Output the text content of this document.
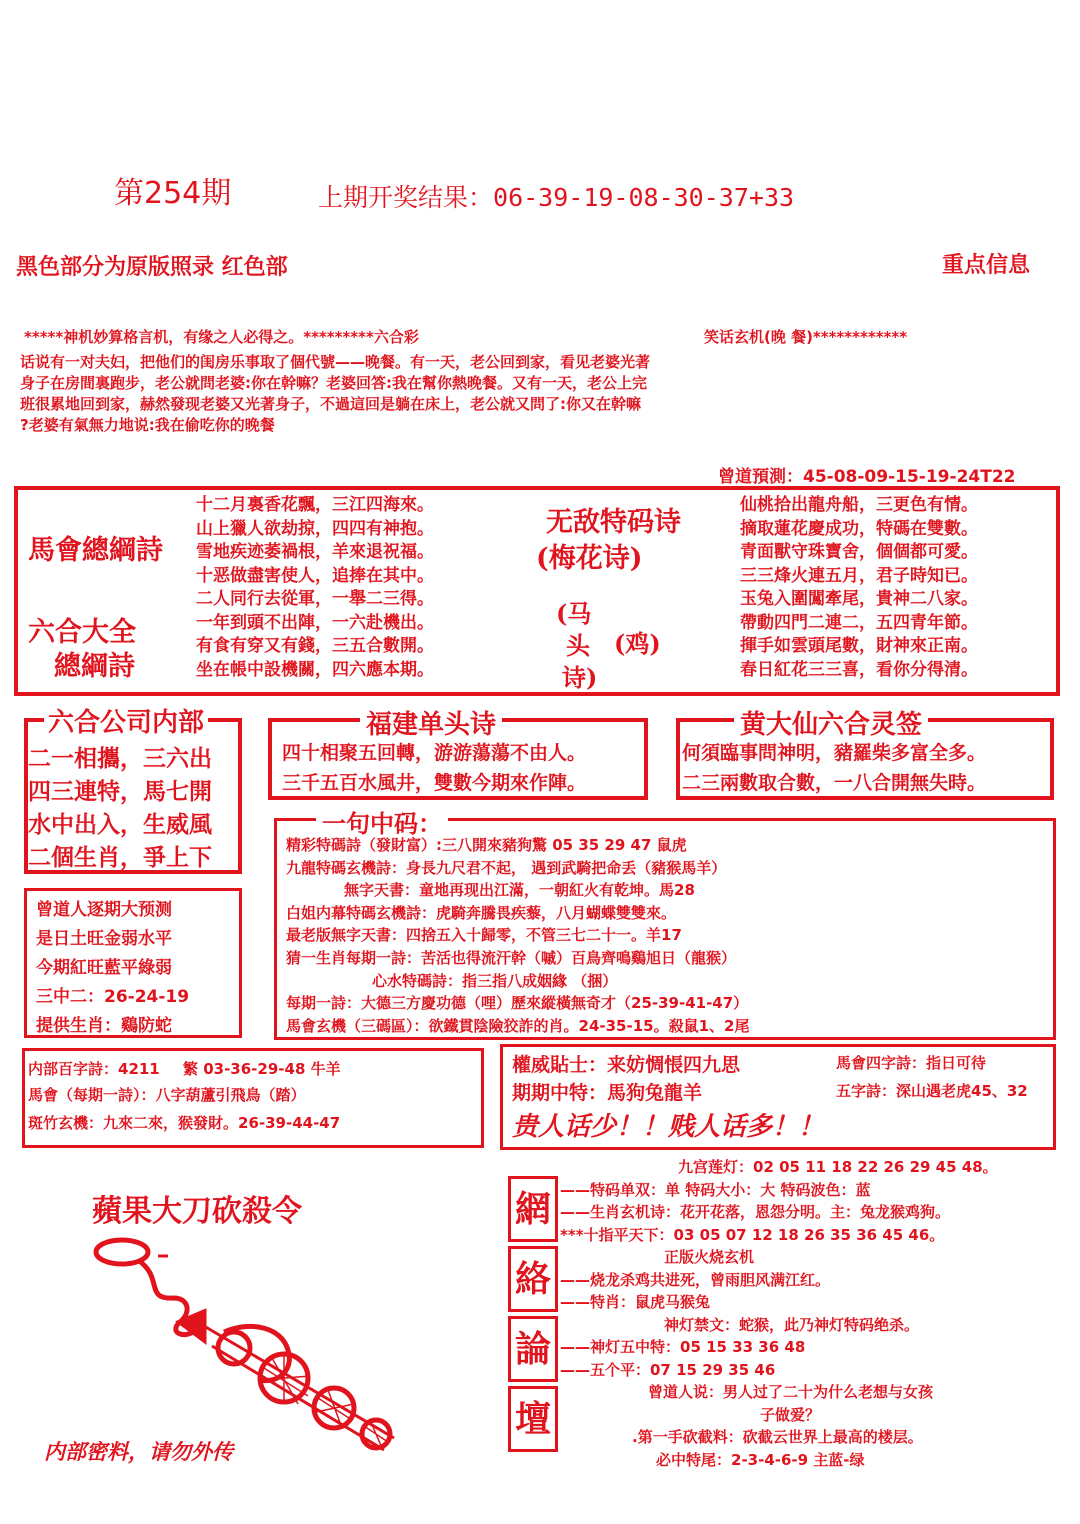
第254期	上期开奖结果：06-39-19-08-30-37+33
黑色部分为原版照录 红色部	重点信息
*****神机妙算格言机，有缘之人必得之。*********六合彩	笑话玄机(晚 餐)************
话说有一对夫妇，把他们的闺房乐事取了個代號——晚餐。有一天，老公回到家，看见老婆光著
身子在房間裏跑步，老公就問老婆:你在幹嘛？老婆回答:我在幫你熱晚餐。又有一天，老公上完
班很累地回到家，赫然發现老婆又光著身子，不過這回是躺在床上，老公就又問了:你又在幹嘛
?老婆有氣無力地说:我在偷吃你的晚餐
曾道預測：45-08-09-15-19-24T22
馬會總綱詩
六合大全
總綱詩
十二月裏香花飄，三江四海來。
山上獵人欲劫掠，四四有神抱。
雪地疾迹萎禍根，羊來退祝福。
十恶做盡害使人，追捧在其中。
二人同行去從軍，一舉二三得。
一年到頭不出陣，一六赴機出。
有食有穿又有錢，三五合數開。
坐在帳中設機關，四六應本期。
无敌特码诗
(梅花诗)
(马
头 (鸡)
诗)
仙桃拾出龍舟船，三更色有情。
摘取蓮花慶成功，特碼在雙數。
青面獸守珠寶舍，個個都可愛。
三三烽火連五月，君子時知已。
玉兔入圍闖牽尾，貴神二八家。
帶動四門二連二，五四青年節。
揮手如雲頭尾數，財神來正南。
春日紅花三三喜，看你分得清。
六合公司内部
二一相攜，三六出
四三連特，馬七開
水中出入，生威風
二個生肖，爭上下
福建单头诗
四十相聚五回轉，游游蕩蕩不由人。
三千五百水風井，雙數今期來作陣。
黄大仙六合灵签
何須臨事問神明，豬羅柴多富全多。
二三兩數取合數，一八合開無失時。
曾道人逐期大预测
是日土旺金弱水平
今期紅旺藍平綠弱
三中二：26-24-19
提供生肖：鷄防蛇
一句中码：
精彩特碼詩（發財富）:三八開來豬狗驚 05 35 29 47 鼠虎
九龍特碼玄機詩：身長九尺君不起， 遇到武騎把命丢（豬猴馬羊）
無字天書：童地再现出江滿，一朝紅火有乾坤。馬28
白姐内幕特碼玄機詩：虎騎奔騰畏疾藜，八月蝴蝶雙雙來。
最老版無字天書：四捨五入十歸零，不管三七二十一。羊17
猜一生肖每期一詩：苦活也得流汗幹（嘁）百鳥齊鳴鷄旭日（龍猴）
心水特碼詩：指三指八成姻緣 （捆）
每期一詩：大德三方慶功德（哩）歷來縱橫無奇才（25-39-41-47）
馬會玄機（三碼區）：欲鐵貫陰險狡詐的肖。24-35-15。殺鼠1、2尾
内部百字詩：4211 繁 03-36-29-48 牛羊
馬會（每期一詩）：八字葫蘆引飛鳥（踏）
斑竹玄機：九來二來，猴發財。26-39-44-47
權威貼士：来妨惆悵四九思	馬會四字詩：指日可待
期期中特：馬狗兔龍羊	五字詩：深山遇老虎45、32
贵人话少！！贱人话多！！
蘋果大刀砍殺令
内部密料，请勿外传
網
絡
論
壇
九宫莲灯：02 05 11 18 22 26 29 45 48。
——特码单双：单 特码大小：大 特码波色：蓝
——生肖玄机诗：花开花落，恩怨分明。主：兔龙猴鸡狗。
***十指平天下：03 05 07 12 18 26 35 36 45 46。
正版火烧玄机
——烧龙杀鸡共进死，曾雨胆风满江红。
——特肖：鼠虎马猴兔
神灯禁文：蛇猴，此乃神灯特码绝杀。
——神灯五中特：05 15 33 36 48
——五个平：07 15 29 35 46
曾道人说：男人过了二十为什么老想与女孩
子做爱？
.第一手砍截料：砍截云世界上最高的楼层。
必中特尾：2-3-4-6-9 主蓝-绿
